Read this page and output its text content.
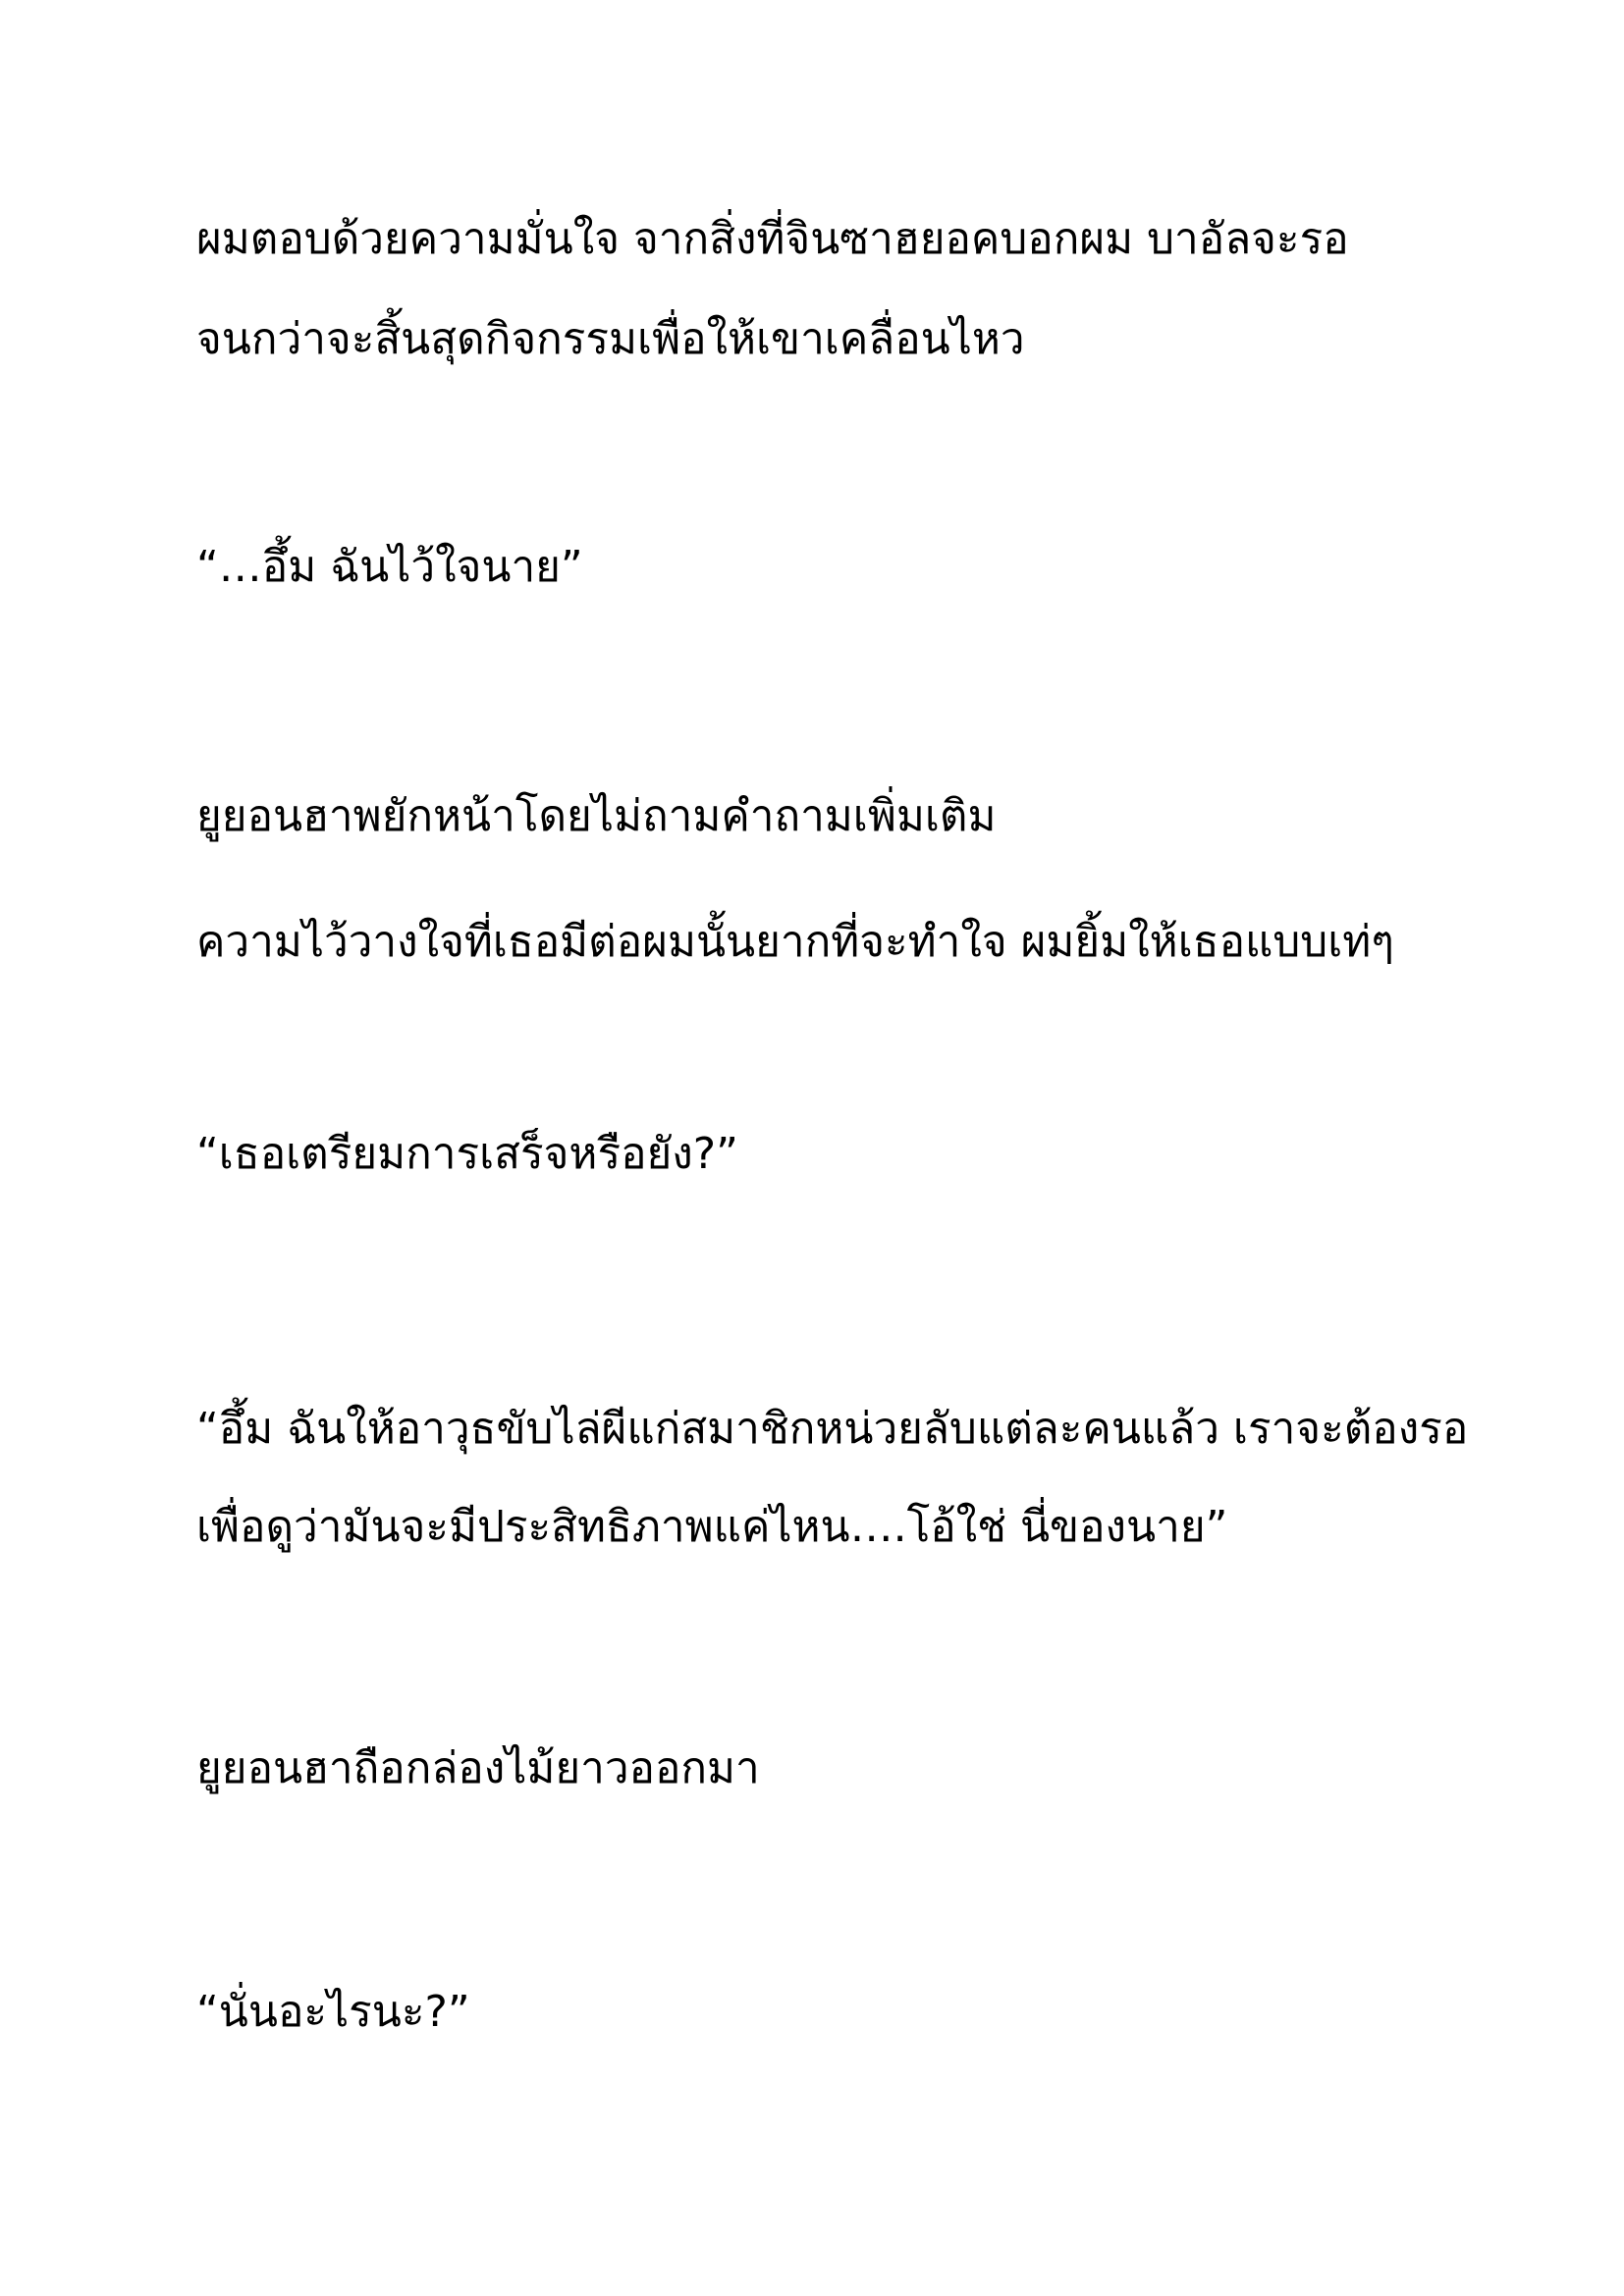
ผมตอบด้วยความมั่นใจ จากสิ่งที่จินซาฮยอคบอกผม บาอัลจะรอ
จนกว่าจะสิ้นสุดกิจกรรมเพื่อให้เขาเคลื่อนไหว
“…อึ้ม ฉันไว้ใจนาย”
ยูยอนฮาพยักหน้าโดยไม่ถามคำถามเพิ่มเติม
ความไว้วางใจที่เธอมีต่อผมนั้นยากที่จะทำใจ ผมยิ้มให้เธอแบบเท่ๆ
“เธอเตรียมการเสร็จหรือยัง?”
“อึ้ม ฉันให้อาวุธขับไล่ผีแก่สมาชิกหน่วยลับแต่ละคนแล้ว เราจะต้องรอ
เพื่อดูว่ามันจะมีประสิทธิภาพแค่ไหน….โอ้ใช่ นี่ของนาย”
ยูยอนฮาถือกล่องไม้ยาวออกมา
“นั่นอะไรนะ?”
